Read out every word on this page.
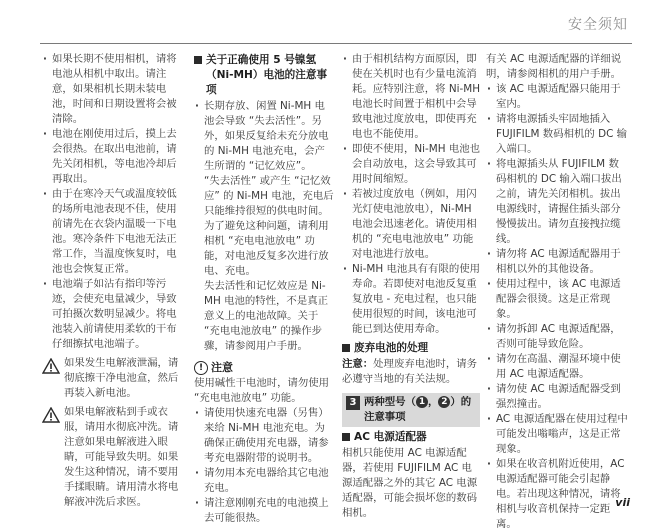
安全须知

· 如果长期不使用相机，请将电池从相机中取出。请注意，如果相机长期未装电池，时间和日期设置将会被清除。

· 电池在刚使用过后，摸上去会很热。在取出电池前，请先关闭相机，等电池冷却后再取出。

· 由于在寒冷天气或温度较低的场所电池表现不佳，使用前请先在衣袋内温暖一下电池。寒冷条件下电池无法正常工作，当温度恢复时，电池也会恢复正常。

· 电池端子如沾有指印等污迹，会使充电量减少，导致可拍摄次数明显减少。将电池装入前请使用柔软的干布仔细擦拭电池端子。

如果发生电解液泄漏，请彻底擦干净电池盒，然后再装入新电池。
如果电解液粘到手或衣服，请用水彻底冲洗。请注意如果电解液进入眼睛，可能导致失明。如果发生这种情况，请不要用手揉眼睛。请用清水将电解液冲洗后求医。

关于正确使用 5 号镍氢（Ni-MH）电池的注意事项

· 长期存放、闲置 Ni-MH 电池会导致 “失去活性”。另外，如果反复给未充分放电的 Ni-MH 电池充电，会产生所谓的 “记忆效应”。

“失去活性” 或产生 “记忆效应” 的 Ni-MH 电池，充电后只能维持很短的供电时间。为了避免这种问题，请利用相机 “充电电池放电” 功能，对电池反复多次进行放电、充电。

失去活性和记忆效应是 Ni-MH 电池的特性，不是真正意义上的电池故障。关于 “充电电池放电” 的操作步骤，请参阅用户手册。

! 注意

使用碱性干电池时，请勿使用 “充电电池放电” 功能。

· 请使用快速充电器（另售）来给 Ni-MH 电池充电。为确保正确使用充电器，请参考充电器附带的说明书。

· 请勿用本充电器给其它电池充电。

· 请注意刚刚充电的电池摸上去可能很热。

· 由于相机结构方面原因，即使在关机时也有少量电流消耗。应特别注意，将 Ni-MH 电池长时间置于相机中会导致电池过度放电，即使再充电也不能使用。

· 即使不使用，Ni-MH 电池也会自动放电，这会导致其可用时间缩短。

· 若被过度放电（例如，用闪光灯使电池放电），Ni-MH 电池会迅速老化。请使用相机的 “充电电池放电” 功能对电池进行放电。

· Ni-MH 电池具有有限的使用寿命。若即使对电池反复重复放电 - 充电过程，也只能使用很短的时间，该电池可能已到达使用寿命。

废弃电池的处理

注意：处理废弃电池时，请务必遵守当地的有关法规。

3 两种型号（ 1 ， 2 ）的注意事项

AC 电源适配器

相机只能使用 AC 电源适配器，若使用 FUJIFILM AC 电源适配器之外的其它 AC 电源适配器，可能会损坏您的数码相机。

有关 AC 电源适配器的详细说明，请参阅相机的用户手册。

· 该 AC 电源适配器只能用于室内。

· 请将电源插头牢固地插入 FUJIFILM 数码相机的 DC 输入端口。

· 将电源插头从 FUJIFILM 数码相机的 DC 输入端口拔出之前，请先关闭相机。拔出电源线时，请握住插头部分慢慢拔出。请勿直接拽拉缆线。

· 请勿将 AC 电源适配器用于相机以外的其他设备。

· 使用过程中，该 AC 电源适配器会很烫。这是正常现象。

· 请勿拆卸 AC 电源适配器，否则可能导致危险。

· 请勿在高温、潮湿环境中使用 AC 电源适配器。

· 请勿使 AC 电源适配器受到强烈撞击。

· AC 电源适配器在使用过程中可能发出嗡嗡声，这是正常现象。

· 如果在收音机附近使用，AC 电源适配器可能会引起静电。若出现这种情况，请将相机与收音机保持一定距离。

vii
